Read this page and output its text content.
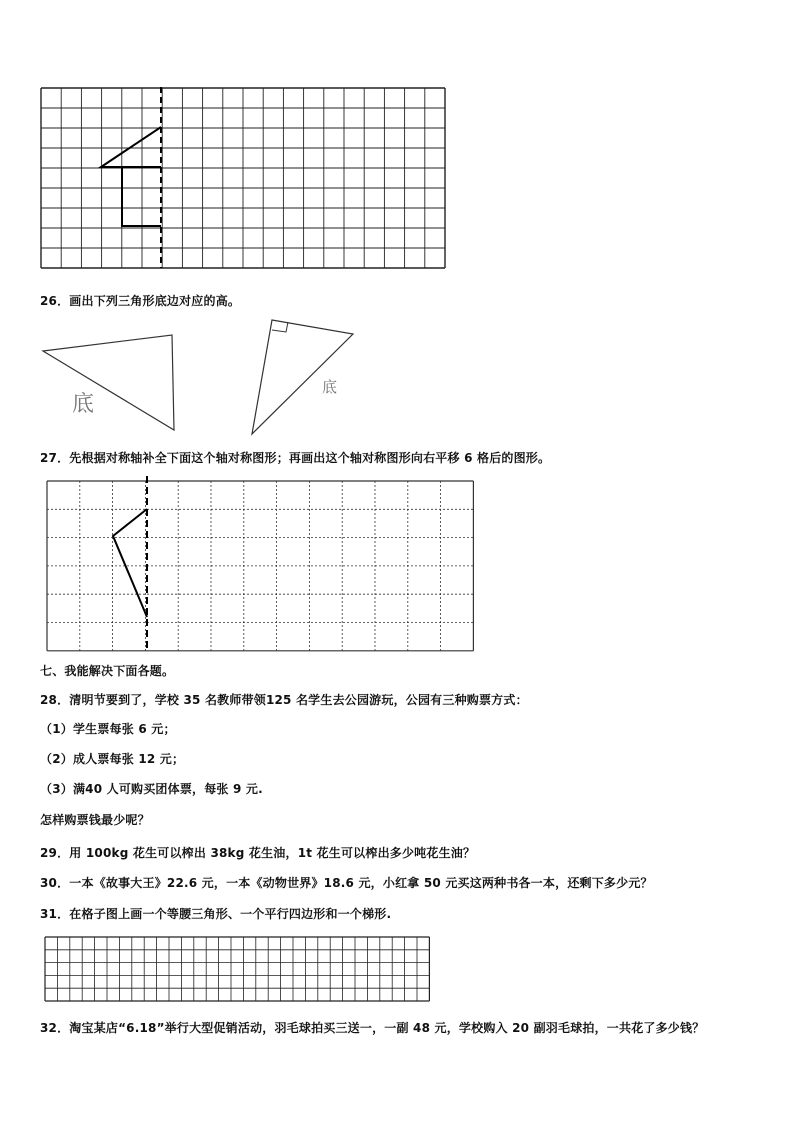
26．画出下列三角形底边对应的高。
底
底
27．先根据对称轴补全下面这个轴对称图形；再画出这个轴对称图形向右平移 6 格后的图形。
七、我能解决下面各题。
28．清明节要到了，学校 35 名教师带领125 名学生去公园游玩，公园有三种购票方式：
（1）学生票每张 6 元；
（2）成人票每张 12 元；
（3）满40 人可购买团体票，每张 9 元.
怎样购票钱最少呢？
29．用 100kg 花生可以榨出 38kg 花生油，1t 花生可以榨出多少吨花生油？
30．一本《故事大王》22.6 元，一本《动物世界》18.6 元，小红拿 50 元买这两种书各一本，还剩下多少元？
31．在格子图上画一个等腰三角形、一个平行四边形和一个梯形.
32．淘宝某店“6.18”举行大型促销活动，羽毛球拍买三送一，一副 48 元，学校购入 20 副羽毛球拍，一共花了多少钱？
